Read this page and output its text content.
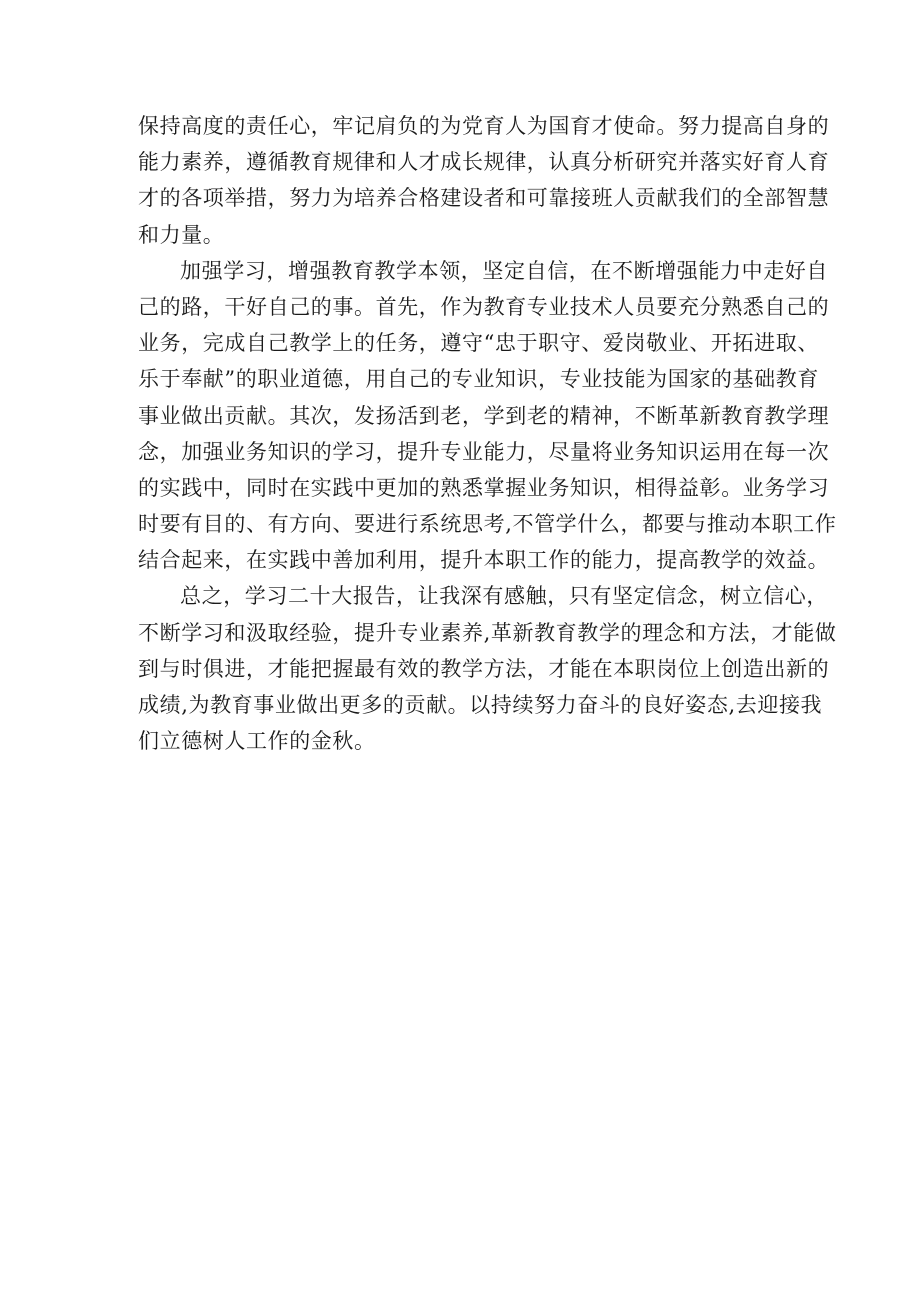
保持高度的责任心，牢记肩负的为党育人为国育才使命。努力提高自身的
能力素养，遵循教育规律和人才成长规律，认真分析研究并落实好育人育
才的各项举措，努力为培养合格建设者和可靠接班人贡献我们的全部智慧
和力量。
加强学习，增强教育教学本领，坚定自信，在不断增强能力中走好自
己的路，干好自己的事。首先，作为教育专业技术人员要充分熟悉自己的
业务，完成自己教学上的任务，遵守“忠于职守、爱岗敬业、开拓进取、
乐于奉献”的职业道德，用自己的专业知识，专业技能为国家的基础教育
事业做出贡献。其次，发扬活到老，学到老的精神，不断革新教育教学理
念，加强业务知识的学习，提升专业能力，尽量将业务知识运用在每一次
的实践中，同时在实践中更加的熟悉掌握业务知识，相得益彰。业务学习
时要有目的、有方向、要进行系统思考,不管学什么，都要与推动本职工作
结合起来，在实践中善加利用，提升本职工作的能力，提高教学的效益。
总之，学习二十大报告，让我深有感触，只有坚定信念，树立信心，
不断学习和汲取经验，提升专业素养,革新教育教学的理念和方法，才能做
到与时俱进，才能把握最有效的教学方法，才能在本职岗位上创造出新的
成绩,为教育事业做出更多的贡献。以持续努力奋斗的良好姿态,去迎接我
们立德树人工作的金秋。
